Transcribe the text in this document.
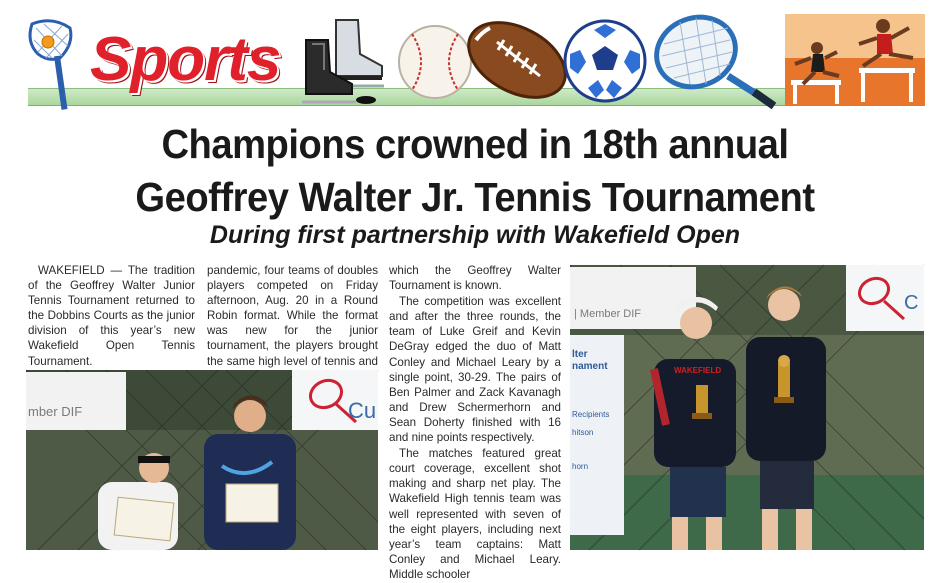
Sports
Champions crowned in 18th annual
Geoffrey Walter Jr. Tennis Tournament
During first partnership with Wakefield Open

WAKEFIELD — The tradition of the Geoffrey Walter Junior Tennis Tournament returned to the Dobbins Courts as the junior division of this year’s new Wakefield Open Tennis Tournament.

pandemic, four teams of doubles players competed on Friday afternoon, Aug. 20 in a Round Robin format. While the format was new for the junior tournament, the players brought the same high level of tennis and

which the Geoffrey Walter Tournament is known.

The competition was excellent and after the three rounds, the team of Luke Greif and Kevin DeGray edged the duo of Matt Conley and Michael Leary by a single point, 30-29. The pairs of Ben Palmer and Zack Kavanagh and Drew Schermerhorn and Sean Doherty finished with 16 and nine points respectively.

The matches featured great court coverage, excellent shot making and sharp net play. The Wakefield High tennis team was well represented with seven of the eight players, including next year’s team captains: Matt Conley and Michael Leary. Middle schooler

mber DIF	Cu
| Member DIF
lter
nament
Recipients
hitson
horn
C
WAKEFIELD
